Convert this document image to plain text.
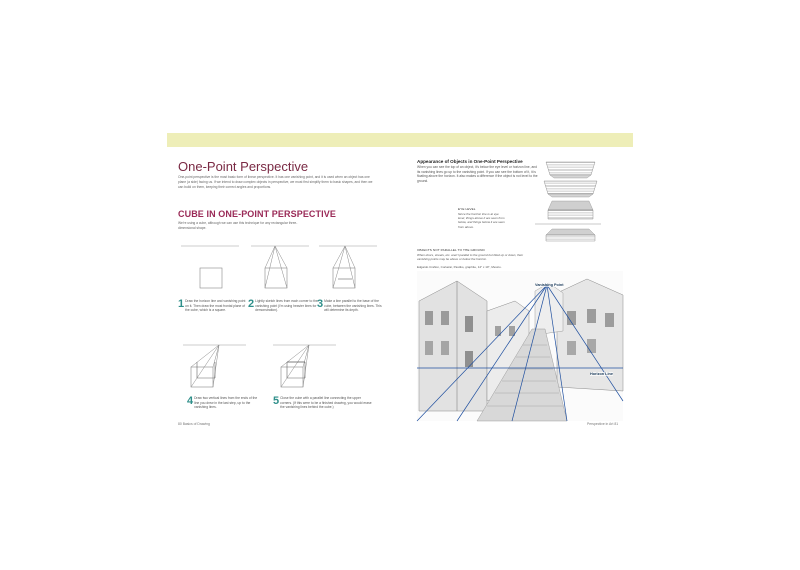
One-Point Perspective
One-point perspective is the most basic form of linear perspective. It has one vanishing point, and it is used when an object has one plane (a side) facing us. If we intend to draw complex objects in perspective, we must first simplify them to basic shapes, and then we can build on them, keeping their correct angles and proportions.
CUBE IN ONE-POINT PERSPECTIVE
We're using a cube, although we can use this technique for any rectangular three-dimensional shape.
1 Draw the horizon line and vanishing point on it. Then draw the most frontal plane of the cube, which is a square.
2 Lightly sketch lines from each corner to the vanishing point (I'm using heavier lines for demonstration).
3 Make a line parallel to the base of the cube, between the vanishing lines. This will determine its depth.
4 Draw two vertical lines from the ends of the line you drew in the last step, up to the vanishing lines.
5 Close the cube with a parallel line connecting the upper corners. (If this were to be a finished drawing, you would erase the vanishing lines behind the cube.)
80 Basics of Drawing
Appearance of Objects in One-Point Perspective
When you can see the top of an object, it's below the eye level or horizon line, and its vanishing lines go up to the vanishing point. If you can see the bottom of it, it is floating above the horizon. It also makes a difference if the object is not level to the ground.
EYE LEVEL
Since the horizon line is at eye level, things above it are seen from below, and things below it are seen from above.
OBJECTS NOT PARALLEL TO THE GROUND
When doors, streets, etc. aren't parallel to the ground but tilted up or down, their vanishing points may be above or below the horizon.
Edgardo Crafton, Cortazar, Pastiko, graphite, 14" x 10", Mexico.
Vanishing Point
Horizon Line
Perspective in Art 81
